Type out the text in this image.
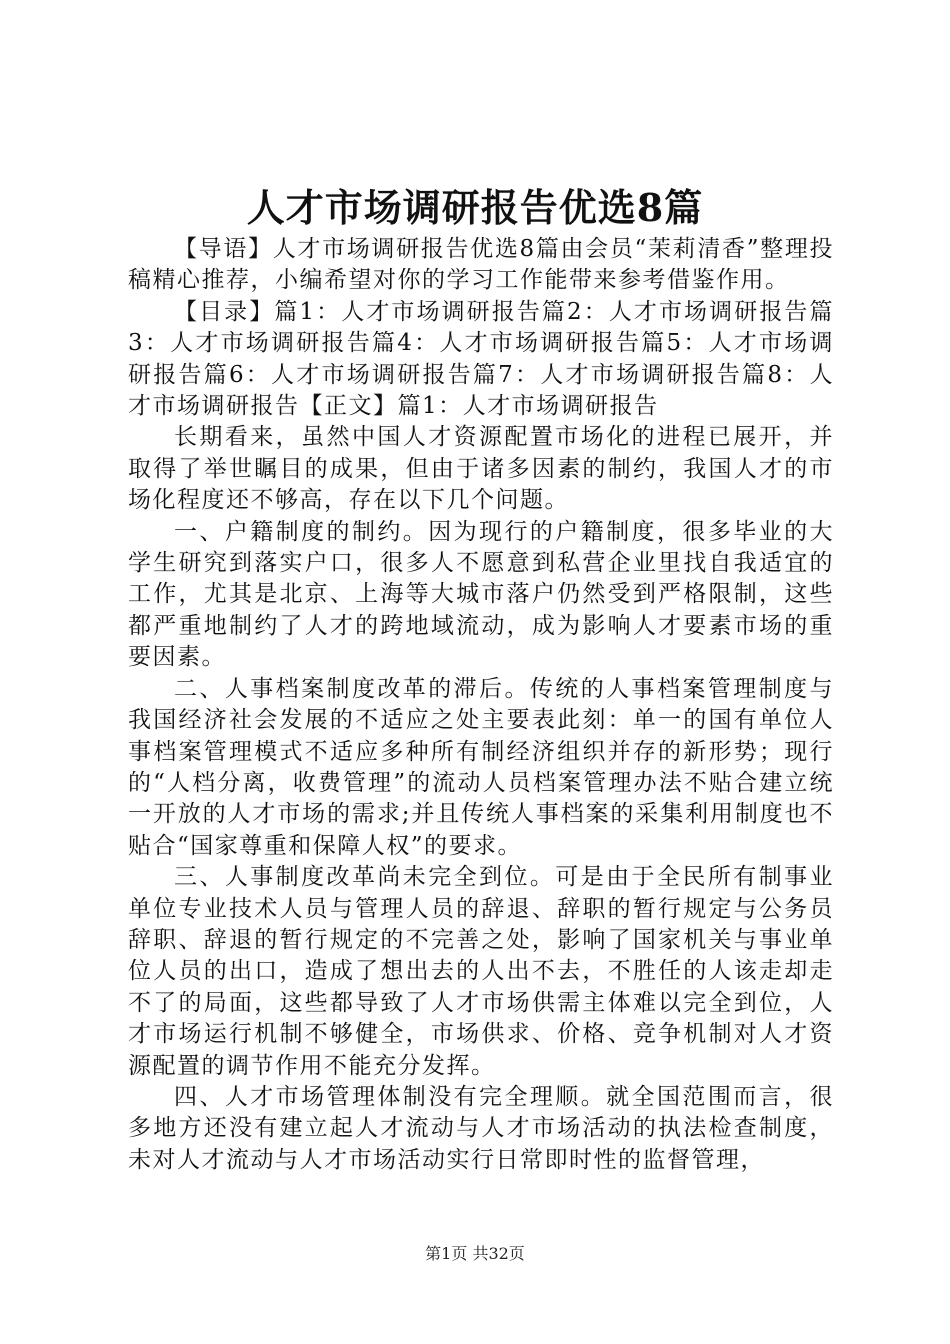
人才市场调研报告优选8篇

【导语】人才市场调研报告优选8篇由会员“茉莉清香”整理投稿精心推荐，小编希望对你的学习工作能带来参考借鉴作用。

【目录】篇1：人才市场调研报告篇2：人才市场调研报告篇3：人才市场调研报告篇4：人才市场调研报告篇5：人才市场调研报告篇6：人才市场调研报告篇7：人才市场调研报告篇8：人才市场调研报告【正文】篇1：人才市场调研报告

长期看来，虽然中国人才资源配置市场化的进程已展开，并取得了举世瞩目的成果，但由于诸多因素的制约，我国人才的市场化程度还不够高，存在以下几个问题。

一、户籍制度的制约。因为现行的户籍制度，很多毕业的大学生研究到落实户口，很多人不愿意到私营企业里找自我适宜的工作，尤其是北京、上海等大城市落户仍然受到严格限制，这些都严重地制约了人才的跨地域流动，成为影响人才要素市场的重要因素。

二、人事档案制度改革的滞后。传统的人事档案管理制度与我国经济社会发展的不适应之处主要表此刻：单一的国有单位人事档案管理模式不适应多种所有制经济组织并存的新形势；现行的“人档分离，收费管理”的流动人员档案管理办法不贴合建立统一开放的人才市场的需求;并且传统人事档案的采集利用制度也不贴合“国家尊重和保障人权”的要求。

三、人事制度改革尚未完全到位。可是由于全民所有制事业单位专业技术人员与管理人员的辞退、辞职的暂行规定与公务员辞职、辞退的暂行规定的不完善之处，影响了国家机关与事业单位人员的出口，造成了想出去的人出不去，不胜任的人该走却走不了的局面，这些都导致了人才市场供需主体难以完全到位，人才市场运行机制不够健全，市场供求、价格、竞争机制对人才资源配置的调节作用不能充分发挥。

四、人才市场管理体制没有完全理顺。就全国范围而言，很多地方还没有建立起人才流动与人才市场活动的执法检查制度，未对人才流动与人才市场活动实行日常即时性的监督管理，

第1页 共32页
